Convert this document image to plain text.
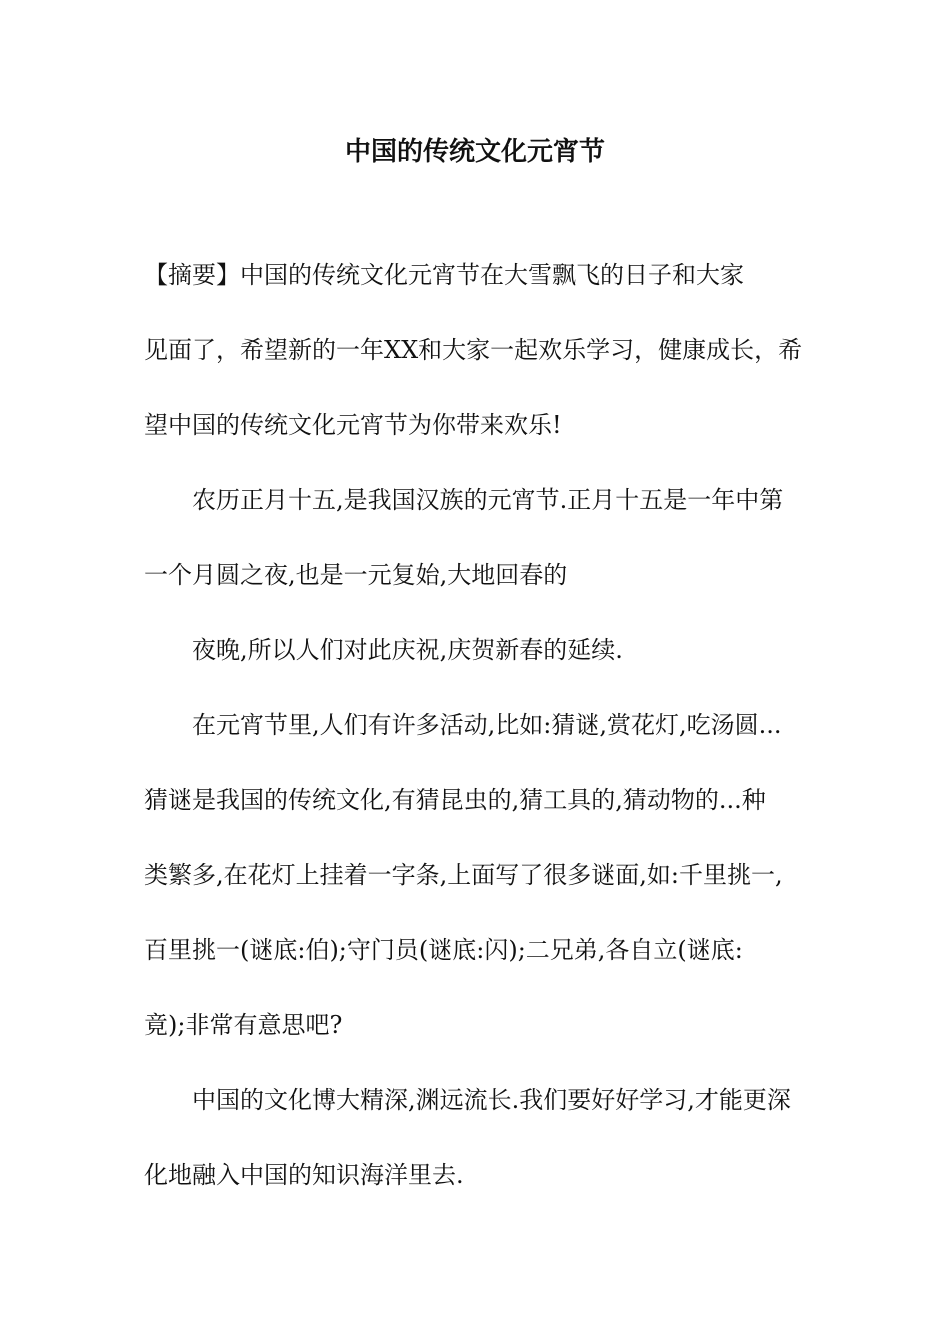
中国的传统文化元宵节

【摘要】中国的传统文化元宵节在大雪飘飞的日子和大家

见面了，希望新的一年XX和大家一起欢乐学习，健康成长，希

望中国的传统文化元宵节为你带来欢乐!

农历正月十五,是我国汉族的元宵节.正月十五是一年中第

一个月圆之夜,也是一元复始,大地回春的

夜晚,所以人们对此庆祝,庆贺新春的延续.

在元宵节里,人们有许多活动,比如:猜谜,赏花灯,吃汤圆...

猜谜是我国的传统文化,有猜昆虫的,猜工具的,猜动物的...种

类繁多,在花灯上挂着一字条,上面写了很多谜面,如:千里挑一,

百里挑一(谜底:伯);守门员(谜底:闪);二兄弟,各自立(谜底:

竟);非常有意思吧?

中国的文化博大精深,渊远流长.我们要好好学习,才能更深

化地融入中国的知识海洋里去.
